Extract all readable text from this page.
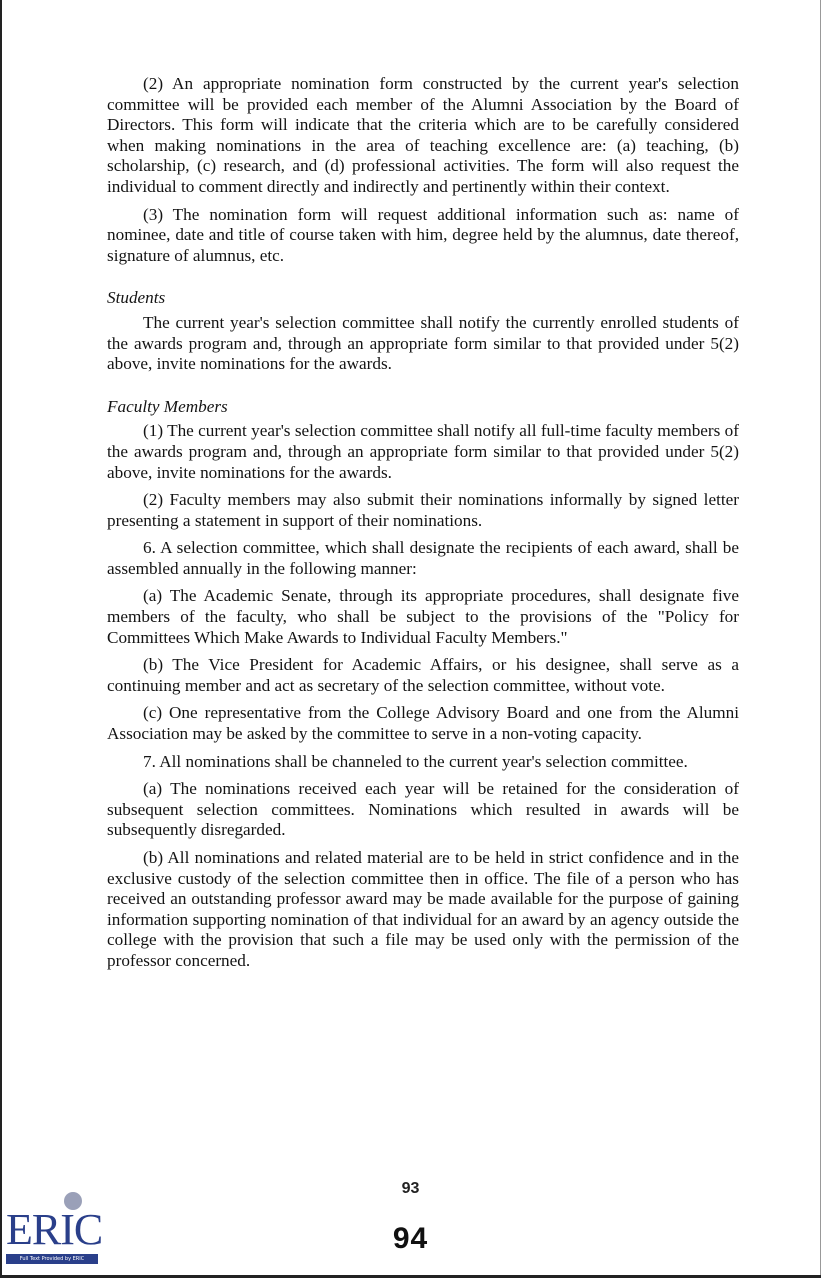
(2) An appropriate nomination form constructed by the current year's selection committee will be provided each member of the Alumni Association by the Board of Directors. This form will indicate that the criteria which are to be carefully considered when making nominations in the area of teaching excellence are: (a) teaching, (b) scholarship, (c) research, and (d) professional activities. The form will also request the individual to comment directly and indirectly and pertinently within their context.

(3) The nomination form will request additional information such as: name of nominee, date and title of course taken with him, degree held by the alumnus, date thereof, signature of alumnus, etc.

Students

The current year's selection committee shall notify the currently enrolled students of the awards program and, through an appropriate form similar to that provided under 5(2) above, invite nominations for the awards.

Faculty Members

(1) The current year's selection committee shall notify all full-time faculty members of the awards program and, through an appropriate form similar to that provided under 5(2) above, invite nominations for the awards.

(2) Faculty members may also submit their nominations informally by signed letter presenting a statement in support of their nominations.

6. A selection committee, which shall designate the recipients of each award, shall be assembled annually in the following manner:

(a) The Academic Senate, through its appropriate procedures, shall designate five members of the faculty, who shall be subject to the provisions of the "Policy for Committees Which Make Awards to Individual Faculty Members."

(b) The Vice President for Academic Affairs, or his designee, shall serve as a continuing member and act as secretary of the selection committee, without vote.

(c) One representative from the College Advisory Board and one from the Alumni Association may be asked by the committee to serve in a non-voting capacity.

7. All nominations shall be channeled to the current year's selection committee.

(a) The nominations received each year will be retained for the consideration of subsequent selection committees. Nominations which resulted in awards will be subsequently disregarded.

(b) All nominations and related material are to be held in strict confidence and in the exclusive custody of the selection committee then in office. The file of a person who has received an outstanding professor award may be made available for the purpose of gaining information supporting nomination of that individual for an award by an agency outside the college with the provision that such a file may be used only with the permission of the professor concerned.

93
94
ERIC
Full Text Provided by ERIC
